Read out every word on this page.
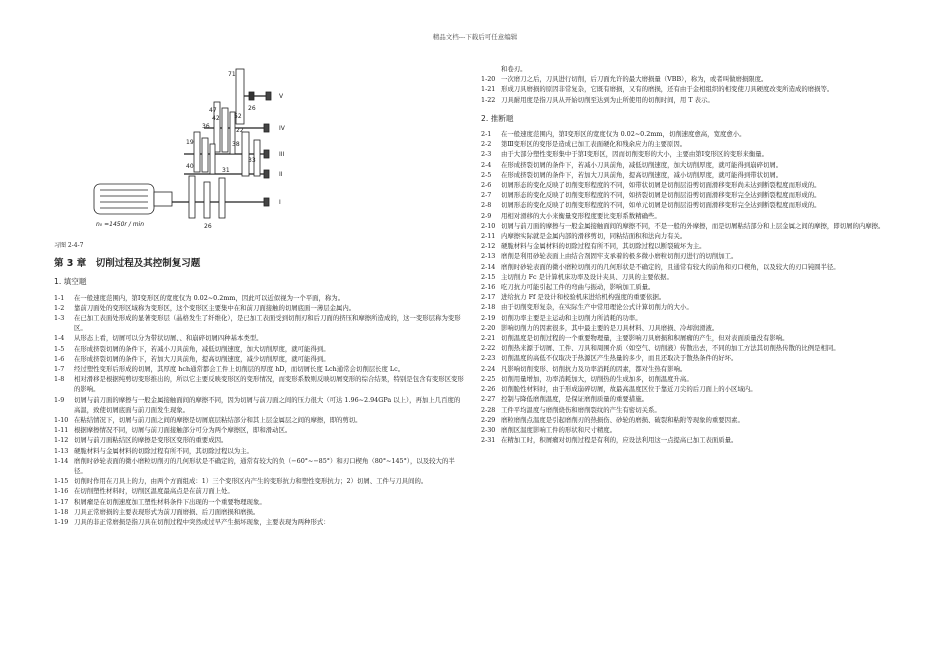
精品文档---下载后可任意编辑
71
26
47
42
36
19	38
52
22
33
40
31
26
V
IV
III
II
I
n₀ =1450r / min
习图 2-4-7
第 3 章　切削过程及其控制复习题
1. 填空题
1-1 在一般速度范围内，第Ⅰ变形区的宽度仅为 0.02~0.2mm，因此可以近似视为一个平面，称为。
1-2 靠前刀面处的变形区域称为变形区，这个变形区主要集中在和前刀面接触的切屑底面一薄层金属内。
1-3 在已加工表面处形成的显著变形层（晶格发生了纤维化），是已加工表面受到切削刃和后刀面的挤压和摩擦所造成的，这一变形层称为变形区。
1-4 从形态上看，切屑可以分为带状切屑、、和崩碎切屑四种基本类型。
1-5 在形成挤裂切屑的条件下，若减小刀具前角，减低切削速度，加大切削厚度，就可能得到。
1-6 在形成挤裂切屑的条件下，若加大刀具前角，提高切削速度，减少切削厚度，就可能得到。
1-7 经过塑性变形后形成的切屑，其厚度 hch通常都会工件上切削层的厚度 hD，而切屑长度 Lch通常会切削层长度 Lc。
1-8 相对滑移是根据纯剪切变形推出的，所以它主要反映变形区的变形情况，而变形系数则反映切屑变形的综合结果，特别是包含有变形区变形的影响。
1-9 切屑与前刀面的摩擦与一般金属接触面间的摩擦不同，因为切屑与前刀面之间的压力很大（可达 1.96~2.94GPa 以上），再加上几百度的高温，致使切屑底面与前刀面发生现象。
1-10 在粘结情况下，切屑与前刀面之间的摩擦是切屑底层粘结部分和其上层金属层之间的摩擦，即的剪切。
1-11 根据摩擦情况不同，切屑与前刀面接触部分可分为两个摩擦区，即和滑动区。
1-12 切屑与前刀面粘结区的摩擦是变形区变形的重要成因。
1-13 硬脆材料与金属材料的切除过程有所不同，其切除过程以为主。
1-14 磨削时砂轮表面的微小磨粒切削刃的几何形状是不确定的，通常有较大的负（−60°~−85°）和刃口楔角（80°~145°），以及较大的半径。
1-15 切削时作用在刀具上的力，由两个方面组成：1）三个变形区内产生的变形抗力和塑性变形抗力；2）切屑、工件与刀具间的。
1-16 在切削塑性材料时，切削区温度最高点是在前刀面上处。
1-17 积屑瘤是在切削速度加工塑性材料条件下出现的一个重要物理现象。
1-18 刀具正常磨损的主要表现形式为前刀面磨损、后刀面磨损和磨损。
1-19 刀具的非正常磨损是指刀具在切削过程中突然或过早产生损坏现象，主要表现为两种形式：
和卷刃。
1-20 一次磨刀之后，刀具进行切削，后刀面允许的最大磨损量（VBB），称为，或者叫做磨损限度。
1-21 形成刀具磨损的原因非常复杂，它既有磨损，又有的磨损，还有由于金相组织的相变使刀具硬度改变所造成的磨损等。
1-22 刀具耐用度是指刀具从开始切削至达到为止所使用的切削时间，用 T 表示。
2. 推断题
2-1 在一般速度范围内，第Ⅰ变形区的宽度仅为 0.02~0.2mm，切削速度愈高，宽度愈小。
2-2 第Ⅲ变形区的变形是造成已加工表面硬化和残余应力的主要原因。
2-3 由于大部分塑性变形集中于第Ⅰ变形区，因而切削变形的大小，主要由第Ⅰ变形区的变形来衡量。
2-4 在形成挤裂切屑的条件下，若减小刀具前角，减低切削速度，加大切削厚度，就可能得到崩碎切屑。
2-5 在形成挤裂切屑的条件下，若加大刀具前角，提高切削速度，减小切削厚度，就可能得到带状切屑。
2-6 切屑形态的变化反映了切削变形程度的不同，如带状切屑是切削层沿剪切面滑移变形尚未达到断裂程度而形成的。
2-7 切屑形态的变化反映了切削变形程度的不同，如挤裂切屑是切削层沿剪切面滑移变形完全达到断裂程度而形成的。
2-8 切屑形态的变化反映了切削变形程度的不同，如单元切屑是切削层沿剪切面滑移变形完全达到断裂程度而形成的。
2-9 用相对滑移的大小来衡量变形程度要比变形系数精确些。
2-10 切屑与前刀面的摩擦与一般金属接触面间的摩擦不同，不是一般的外摩擦，而是切屑粘结部分和上层金属之间的摩擦，即切屑的内摩擦。
2-11 内摩擦实际就是金属内部的滑移剪切，同粘结面积和法向力有关。
2-12 硬脆材料与金属材料的切除过程有所不同，其切除过程以断裂破坏为主。
2-13 磨削是利用砂轮表面上由结合剂固牢支承着的极多微小磨粒切削刃进行的切削加工。
2-14 磨削时砂轮表面的微小磨粒切削刃的几何形状是不确定的，且通常有较大的前角和刃口楔角，以及较大的刃口钝圆半径。
2-15 主切削力 Fc 是计算机床功率及设计夹具、刀具的主要依据。
2-16 吃刀抗力可能引起工件的弯曲与振动，影响加工质量。
2-17 进给抗力 Ff 是设计和校验机床进给机构强度的重要依据。
2-18 由于切削变形复杂，在实际生产中常用理论公式计算切削力的大小。
2-19 切削功率主要是主运动和主切削力所消耗的功率。
2-20 影响切削力的因素很多，其中最主要的是刀具材料、刀具磨损、冷却润滑液。
2-21 切削温度是切削过程的一个重要物理量，主要影响刀具磨损和积屑瘤的产生，但对表面质量没有影响。
2-22 切削热来源于切屑、工件、刀具和周围介质（如空气、切削液）传散出去，不同的加工方法其切削热传散的比例是相同。
2-23 切削温度的高低不仅取决于热源区产生热量的多少，而且还取决于散热条件的好坏。
2-24 凡影响切削变形、切削抗力及功率消耗的因素，都对生热有影响。
2-25 切削用量增加，功率消耗加大，切削热的生成加多，切削温度升高。
2-26 切削脆性材料时，由于形成崩碎切屑，故最高温度区位于靠近刀尖的后刀面上的小区域内。
2-27 控制与降低磨削温度，是保证磨削质量的重要措施。
2-28 工件平均温度与磨削烧伤和磨削裂纹的产生有密切关系。
2-29 磨粒磨削点温度是引起磨削刃的热损伤、砂轮的磨损、破裂和粘附等现象的重要因素。
2-30 磨削区温度影响工件的形状和尺寸精度。
2-31 在精加工时，积屑瘤对切削过程是有利的，应设法利用这一点提高已加工表面质量。
